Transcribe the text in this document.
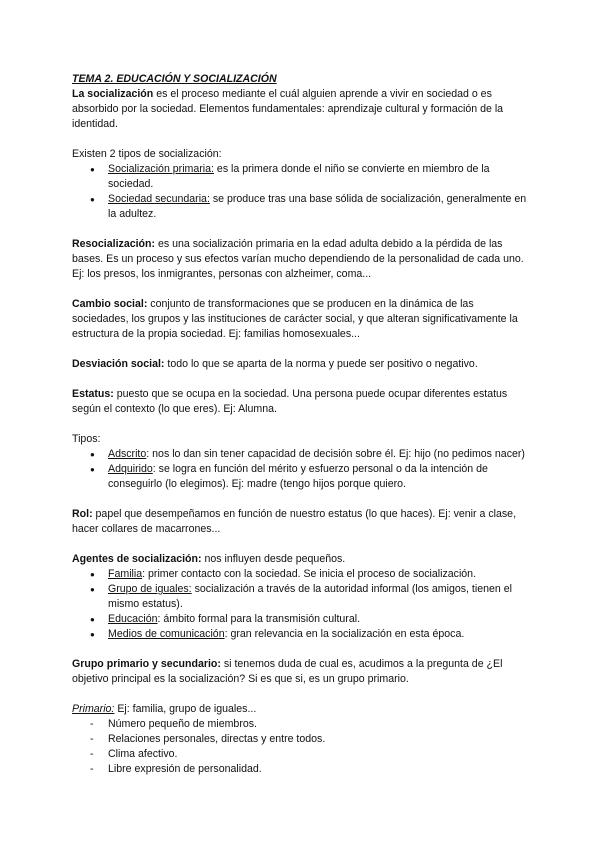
TEMA 2. EDUCACIÓN Y SOCIALIZACIÓN

La socialización es el proceso mediante el cuál alguien aprende a vivir en sociedad o es absorbido por la sociedad. Elementos fundamentales: aprendizaje cultural y formación de la identidad.

Existen 2 tipos de socialización:

● Socialización primaria: es la primera donde el niño se convierte en miembro de la sociedad.
● Sociedad secundaria: se produce tras una base sólida de socialización, generalmente en la adultez.

Resocialización: es una socialización primaria en la edad adulta debido a la pérdida de las bases. Es un proceso y sus efectos varían mucho dependiendo de la personalidad de cada uno. Ej: los presos, los inmigrantes, personas con alzheimer, coma...

Cambio social: conjunto de transformaciones que se producen en la dinámica de las sociedades, los grupos y las instituciones de carácter social, y que alteran significativamente la estructura de la propia sociedad. Ej: familias homosexuales...

Desviación social: todo lo que se aparta de la norma y puede ser positivo o negativo.

Estatus: puesto que se ocupa en la sociedad. Una persona puede ocupar diferentes estatus según el contexto (lo que eres). Ej: Alumna.

Tipos:

● Adscrito: nos lo dan sin tener capacidad de decisión sobre él. Ej: hijo (no pedimos nacer)
● Adquirido: se logra en función del mérito y esfuerzo personal o da la intención de conseguirlo (lo elegimos). Ej: madre (tengo hijos porque quiero.

Rol: papel que desempeñamos en función de nuestro estatus (lo que haces). Ej: venir a clase, hacer collares de macarrones...

Agentes de socialización: nos influyen desde pequeños.

● Familia: primer contacto con la sociedad. Se inicia el proceso de socialización.
● Grupo de iguales: socialización a través de la autoridad informal (los amigos, tienen el mismo estatus).
● Educación: ámbito formal para la transmisión cultural.
● Medios de comunicación: gran relevancia en la socialización en esta época.

Grupo primario y secundario: si tenemos duda de cual es, acudimos a la pregunta de ¿El objetivo principal es la socialización? Si es que si, es un grupo primario.

Primario: Ej: familia, grupo de iguales...

- Número pequeño de miembros.
- Relaciones personales, directas y entre todos.
- Clima afectivo.
- Libre expresión de personalidad.
